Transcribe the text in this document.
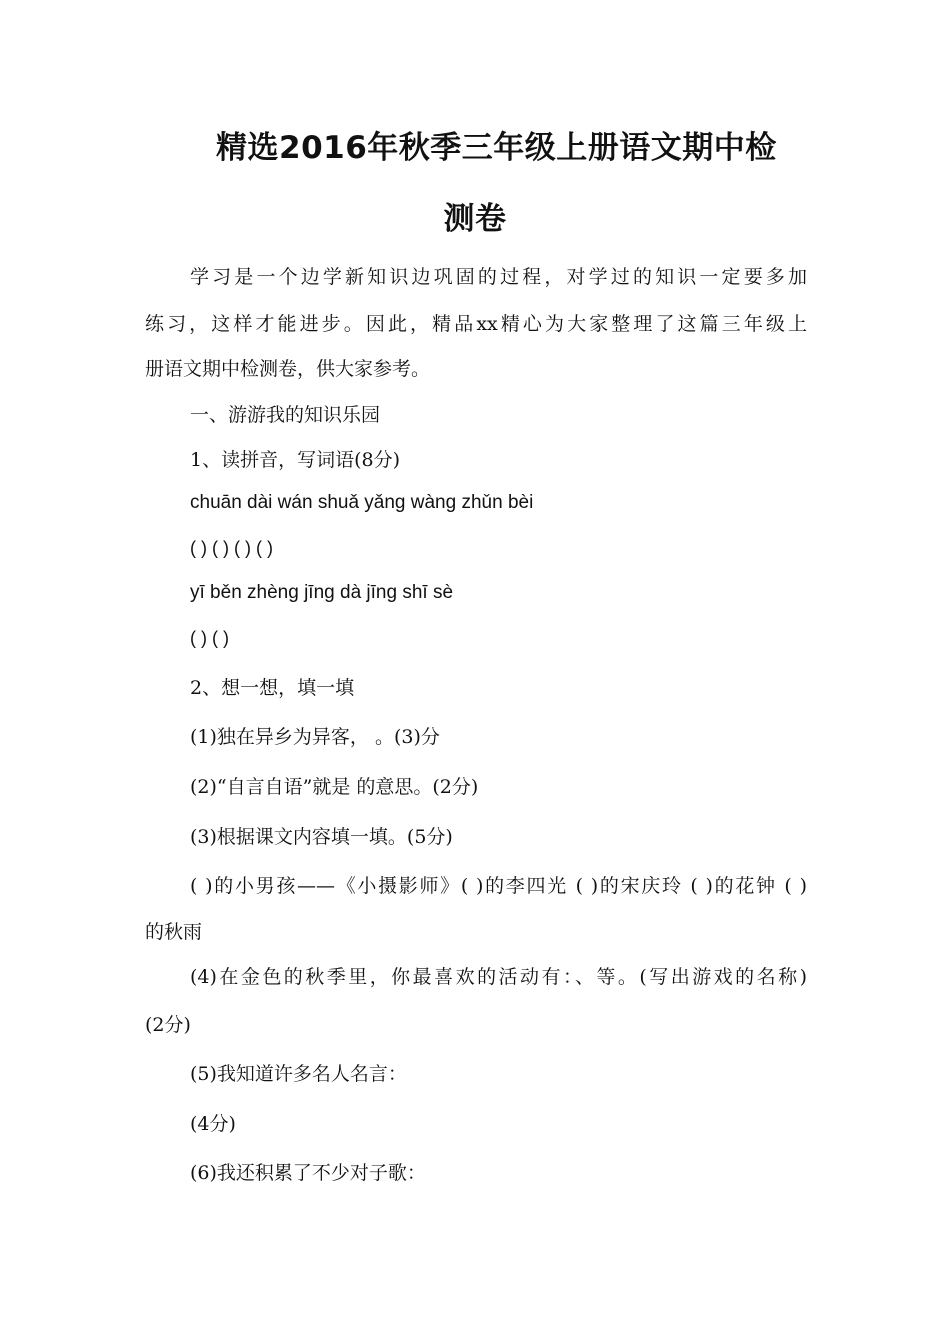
精选2016年秋季三年级上册语文期中检
测卷
学习是一个边学新知识边巩固的过程，对学过的知识一定要多加
练习，这样才能进步。因此，精品xx精心为大家整理了这篇三年级上
册语文期中检测卷，供大家参考。
一、游游我的知识乐园
1、读拼音，写词语(8分)
chuān dài wán shuǎ yǎng wàng zhǔn bèi
( ) ( ) ( ) ( )
yī běn zhèng jīng dà jīng shī sè
( ) ( )
2、想一想，填一填
(1)独在异乡为异客， 。(3)分
(2)“自言自语”就是 的意思。(2分)
(3)根据课文内容填一填。(5分)
( )的小男孩——《小摄影师》( )的李四光 ( )的宋庆玲 ( )的花钟 ( )
的秋雨
(4)在金色的秋季里，你最喜欢的活动有：、等。(写出游戏的名称)
(2分)
(5)我知道许多名人名言：
(4分)
(6)我还积累了不少对子歌：
